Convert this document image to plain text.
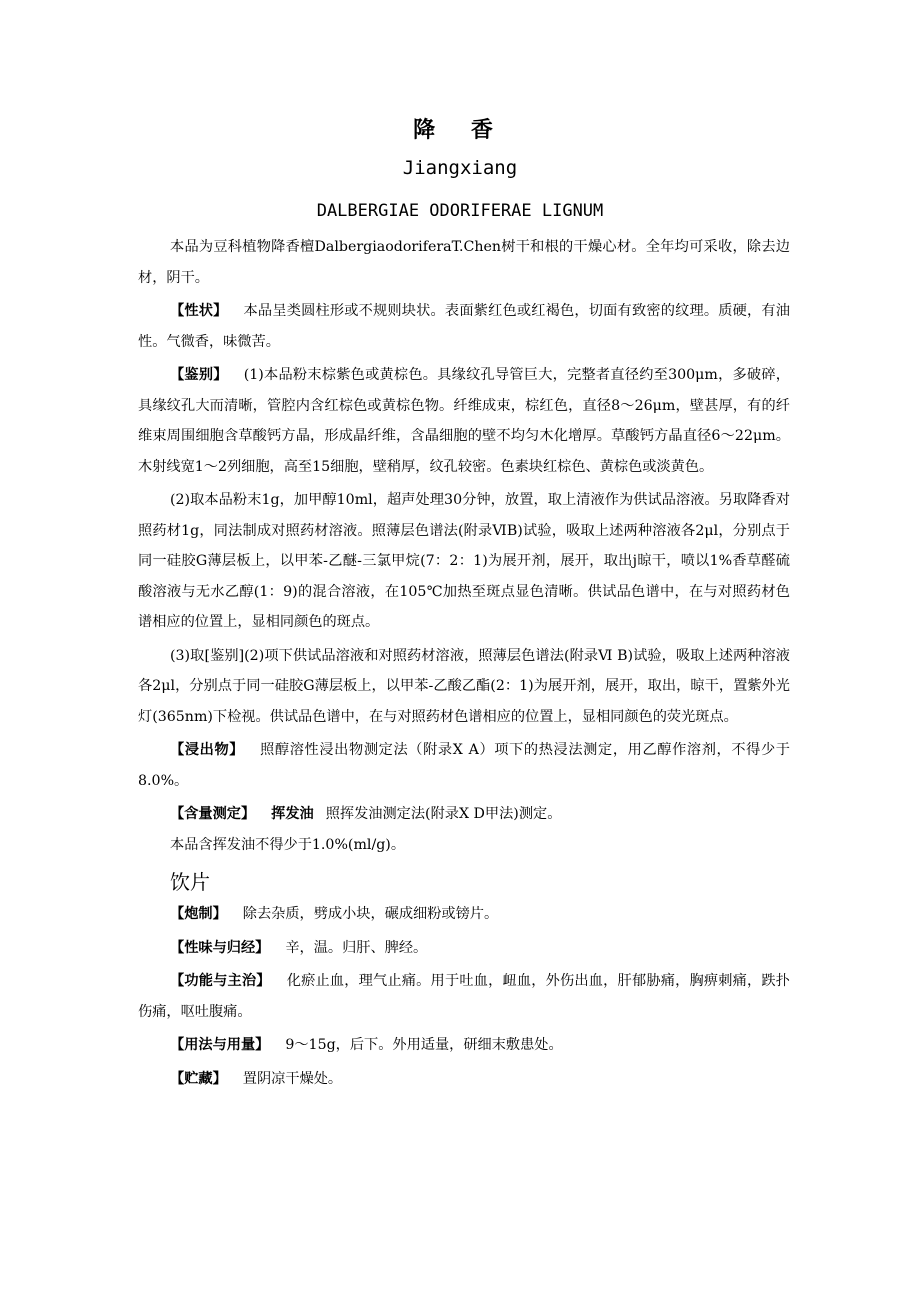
降 香
Jiangxiang
DALBERGIAE ODORIFERAE LIGNUM

本品为豆科植物降香檀DalbergiaodoriferaT.Chen树干和根的干燥心材。全年均可采收，除去边材，阴干。

【性状】 本品呈类圆柱形或不规则块状。表面紫红色或红褐色，切面有致密的纹理。质硬，有油性。气微香，味微苦。

【鉴别】 (1)本品粉末棕紫色或黄棕色。具缘纹孔导管巨大，完整者直径约至300μm，多破碎，具缘纹孔大而清晰，管腔内含红棕色或黄棕色物。纤维成束，棕红色，直径8～26μm，壁甚厚，有的纤维束周围细胞含草酸钙方晶，形成晶纤维，含晶细胞的壁不均匀木化增厚。草酸钙方晶直径6～22μm。木射线宽1～2列细胞，高至15细胞，壁稍厚，纹孔较密。色素块红棕色、黄棕色或淡黄色。

(2)取本品粉末1g，加甲醇10ml，超声处理30分钟，放置，取上清液作为供试品溶液。另取降香对照药材1g，同法制成对照药材溶液。照薄层色谱法(附录ⅥB)试验，吸取上述两种溶液各2μl，分别点于同一硅胶G薄层板上，以甲苯-乙醚-三氯甲烷(7：2：1)为展开剂，展开，取出j晾干，喷以1%香草醛硫酸溶液与无水乙醇(1：9)的混合溶液，在105℃加热至斑点显色清晰。供试品色谱中，在与对照药材色谱相应的位置上，显相同颜色的斑点。

(3)取[鉴别](2)项下供试品溶液和对照药材溶液，照薄层色谱法(附录Ⅵ B)试验，吸取上述两种溶液各2μl，分别点于同一硅胶G薄层板上，以甲苯-乙酸乙酯(2：1)为展开剂，展开，取出，晾干，置紫外光灯(365nm)下检视。供试品色谱中，在与对照药材色谱相应的位置上，显相同颜色的荧光斑点。

【浸出物】 照醇溶性浸出物测定法（附录Ⅹ A）项下的热浸法测定，用乙醇作溶剂，不得少于8.0%。

【含量测定】 挥发油 照挥发油测定法(附录Ⅹ D甲法)测定。

本品含挥发油不得少于1.0%(ml/g)。

饮片

【炮制】 除去杂质，劈成小块，碾成细粉或镑片。

【性味与归经】 辛，温。归肝、脾经。

【功能与主治】 化瘀止血，理气止痛。用于吐血，衄血，外伤出血，肝郁胁痛，胸痹刺痛，跌扑伤痛，呕吐腹痛。

【用法与用量】 9～15g，后下。外用适量，研细末敷患处。

【贮藏】 置阴凉干燥处。
